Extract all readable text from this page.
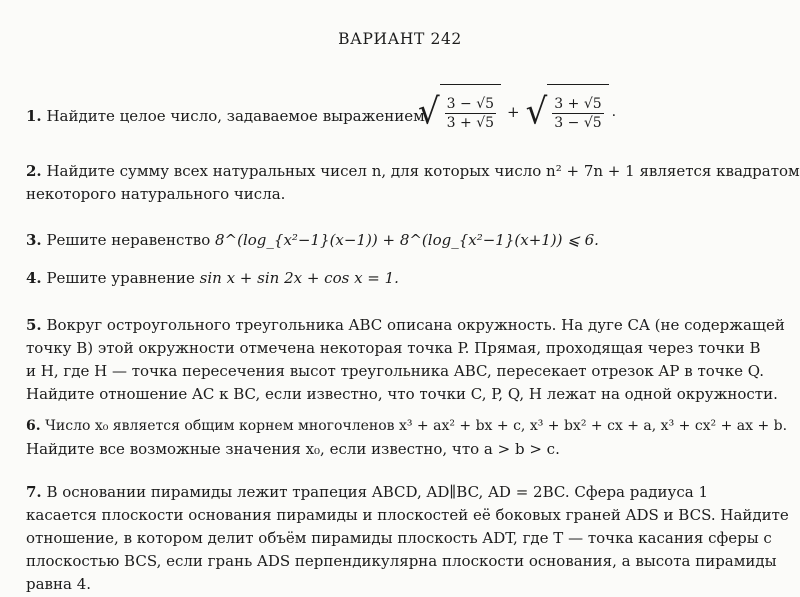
ВАРИАНТ 242
1. Найдите целое число, задаваемое выражением
√ $\frac{3 - √5}{3 + √5}$ + √ $\frac{3 + √5}{3 - √5}$ .
2. Найдите сумму всех натуральных чисел n, для которых число n² + 7n + 1 является квадратом
некоторого натурального числа.
3. Решите неравенство 8^(log_{x²−1}(x−1)) + 8^(log_{x²−1}(x+1)) ⩽ 6.
4. Решите уравнение sin x + sin 2x + cos x = 1.
5. Вокруг остроугольного треугольника ABC описана окружность. На дуге CA (не содержащей
точку B) этой окружности отмечена некоторая точка P. Прямая, проходящая через точки B
и H, где H — точка пересечения высот треугольника ABC, пересекает отрезок AP в точке Q.
Найдите отношение AC к BC, если известно, что точки C, P, Q, H лежат на одной окружности.
6. Число x₀ является общим корнем многочленов x³ + ax² + bx + c, x³ + bx² + cx + a, x³ + cx² + ax + b.
Найдите все возможные значения x₀, если известно, что a > b > c.
7. В основании пирамиды лежит трапеция ABCD, AD∥BC, AD = 2BC. Сфера радиуса 1
касается плоскости основания пирамиды и плоскостей её боковых граней ADS и BCS. Найдите
отношение, в котором делит объём пирамиды плоскость ADT, где T — точка касания сферы с
плоскостью BCS, если грань ADS перпендикулярна плоскости основания, а высота пирамиды
равна 4.
